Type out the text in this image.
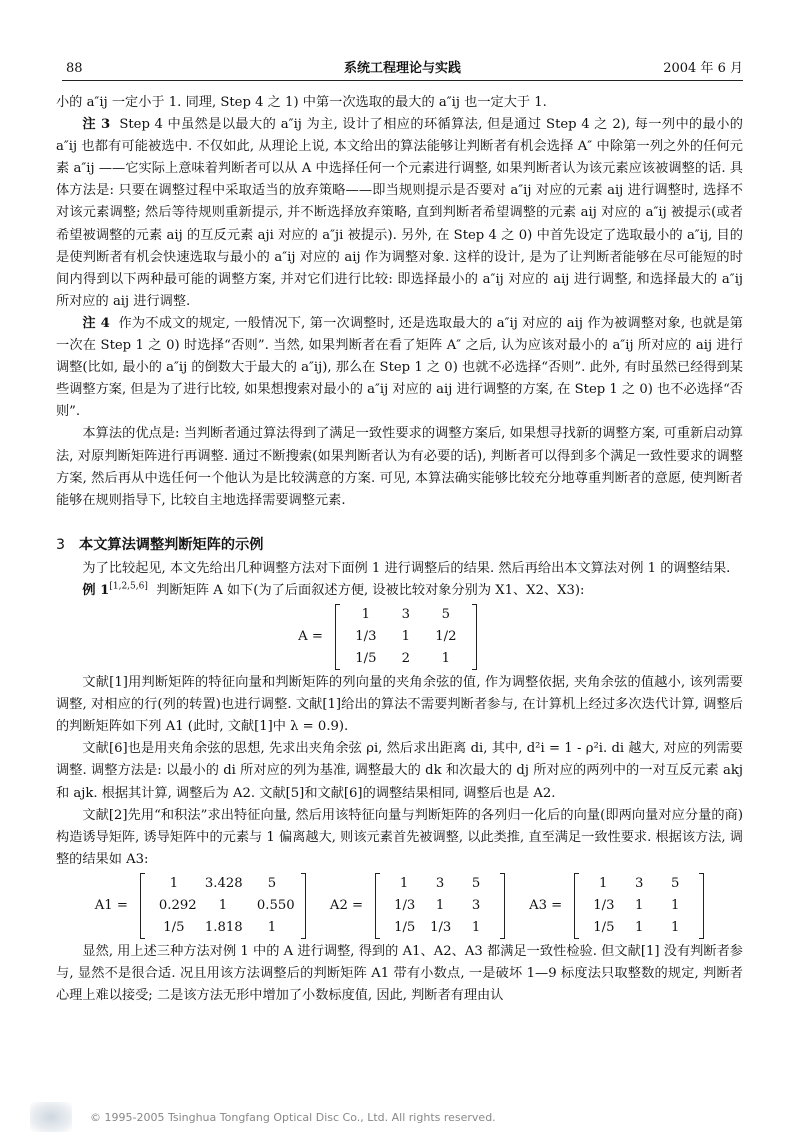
88	系统工程理论与实践	2004 年 6 月

小的 a″ij 一定小于 1. 同理, Step 4 之 1) 中第一次选取的最大的 a″ij 也一定大于 1.

注 3 Step 4 中虽然是以最大的 a″ij 为主, 设计了相应的环循算法, 但是通过 Step 4 之 2), 每一列中的最小的 a″ij 也都有可能被选中. 不仅如此, 从理论上说, 本文给出的算法能够让判断者有机会选择 A″ 中除第一列之外的任何元素 a″ij ——它实际上意味着判断者可以从 A 中选择任何一个元素进行调整, 如果判断者认为该元素应该被调整的话. 具体方法是: 只要在调整过程中采取适当的放弃策略——即当规则提示是否要对 a″ij 对应的元素 aij 进行调整时, 选择不对该元素调整; 然后等待规则重新提示, 并不断选择放弃策略, 直到判断者希望调整的元素 aij 对应的 a″ij 被提示(或者希望被调整的元素 aij 的互反元素 aji 对应的 a″ji 被提示). 另外, 在 Step 4 之 0) 中首先设定了选取最小的 a″ij, 目的是使判断者有机会快速选取与最小的 a″ij 对应的 aij 作为调整对象. 这样的设计, 是为了让判断者能够在尽可能短的时间内得到以下两种最可能的调整方案, 并对它们进行比较: 即选择最小的 a″ij 对应的 aij 进行调整, 和选择最大的 a″ij 所对应的 aij 进行调整.

注 4 作为不成文的规定, 一般情况下, 第一次调整时, 还是选取最大的 a″ij 对应的 aij 作为被调整对象, 也就是第一次在 Step 1 之 0) 时选择“否则”. 当然, 如果判断者在看了矩阵 A″ 之后, 认为应该对最小的 a″ij 所对应的 aij 进行调整(比如, 最小的 a″ij 的倒数大于最大的 a″ij), 那么在 Step 1 之 0) 也就不必选择“否则”. 此外, 有时虽然已经得到某些调整方案, 但是为了进行比较, 如果想搜索对最小的 a″ij 对应的 aij 进行调整的方案, 在 Step 1 之 0) 也不必选择“否则”.

本算法的优点是: 当判断者通过算法得到了满足一致性要求的调整方案后, 如果想寻找新的调整方案, 可重新启动算法, 对原判断矩阵进行再调整. 通过不断搜索(如果判断者认为有必要的话), 判断者可以得到多个满足一致性要求的调整方案, 然后再从中选任何一个他认为是比较满意的方案. 可见, 本算法确实能够比较充分地尊重判断者的意愿, 使判断者能够在规则指导下, 比较自主地选择需要调整元素.

3 本文算法调整判断矩阵的示例

为了比较起见, 本文先给出几种调整方法对下面例 1 进行调整后的结果. 然后再给出本文算法对例 1 的调整结果.

例 1[1,2,5,6] 判断矩阵 A 如下(为了后面叙述方便, 设被比较对象分别为 X1、X2、X3):

A =
1	3	5
1/3	1	1/2
1/5	2	1

文献[1]用判断矩阵的特征向量和判断矩阵的列向量的夹角余弦的值, 作为调整依据, 夹角余弦的值越小, 该列需要调整, 对相应的行(列的转置)也进行调整. 文献[1]给出的算法不需要判断者参与, 在计算机上经过多次迭代计算, 调整后的判断矩阵如下列 A1 (此时, 文献[1]中 λ = 0.9).

文献[6]也是用夹角余弦的思想, 先求出夹角余弦 ρi, 然后求出距离 di, 其中, d²i = 1 - ρ²i. di 越大, 对应的列需要调整. 调整方法是: 以最小的 di 所对应的列为基准, 调整最大的 dk 和次最大的 dj 所对应的两列中的一对互反元素 akj 和 ajk. 根据其计算, 调整后为 A2. 文献[5]和文献[6]的调整结果相同, 调整后也是 A2.

文献[2]先用“和积法”求出特征向量, 然后用该特征向量与判断矩阵的各列归一化后的向量(即两向量对应分量的商)构造诱导矩阵, 诱导矩阵中的元素与 1 偏离越大, 则该元素首先被调整, 以此类推, 直至满足一致性要求. 根据该方法, 调整的结果如 A3:

A1 =
1	3.428	5
0.292	1	0.550
1/5	1.818	1
A2 =
1	3	5
1/3	1	3
1/5	1/3	1
A3 =
1	3	5
1/3	1	1
1/5	1	1

显然, 用上述三种方法对例 1 中的 A 进行调整, 得到的 A1、A2、A3 都满足一致性检验. 但文献[1] 没有判断者参与, 显然不是很合适. 况且用该方法调整后的判断矩阵 A1 带有小数点, 一是破坏 1—9 标度法只取整数的规定, 判断者心理上难以接受; 二是该方法无形中增加了小数标度值, 因此, 判断者有理由认

© 1995-2005 Tsinghua Tongfang Optical Disc Co., Ltd. All rights reserved.
